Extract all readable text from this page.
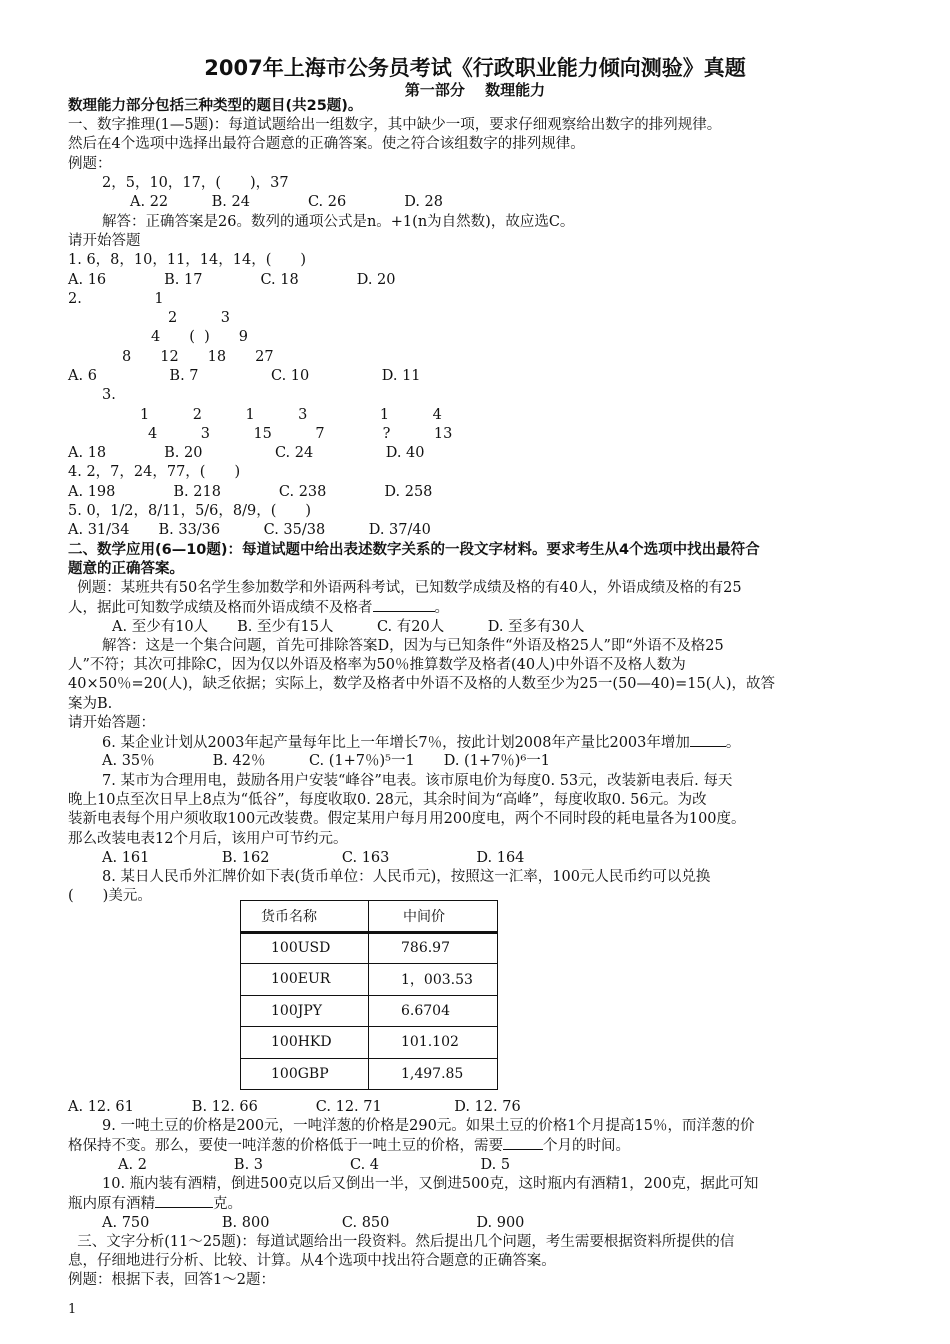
2007年上海市公务员考试《行政职业能力倾向测验》真题
第一部分　 数理能力
数理能力部分包括三种类型的题目(共25题)。
一、数字推理(1—5题)：每道试题给出一组数字，其中缺少一项，要求仔细观察给出数字的排列规律。
然后在4个选项中选择出最符合题意的正确答案。使之符合该组数字的排列规律。
例题：
2，5，10，17，(　　)，37
A. 22　　　B. 24　　　　C. 26　　　　D. 28
解答：正确答案是26。数列的通项公式是n。+1(n为自然数)，故应选C。
请开始答题
1. 6，8，10，11，14，14，(　　)
A. 16　　　　B. 17　　　　C. 18　　　　D. 20
2.　　　　　1
2　　　3
4　　(  )　　9
8　　12　　18　　27
A. 6　　　　　B. 7　　　　　C. 10　　　　　D. 11
3.
1　　　2　　　1　　　3　　　　　1　　　4
4　　　3　　　15　　　7　　　　?　　　13
A. 18　　　　B. 20　　　　　C. 24　　　　　D. 40
4. 2，7，24，77，(　　)
A. 198　　　　B. 218　　　　C. 238　　　　D. 258
5. 0，1/2，8/11，5/6，8/9，(　　)
A. 31/34　　B. 33/36　　　C. 35/38　　　D. 37/40
二、数学应用(6—10题)：每道试题中给出表述数字关系的一段文字材料。要求考生从4个选项中找出最符合
题意的正确答案。
例题：某班共有50名学生参加数学和外语两科考试，已知数学成绩及格的有40人，外语成绩及格的有25
人，据此可知数学成绩及格而外语成绩不及格者	。
A. 至少有10人　　B. 至少有15人　　　C. 有20人　　　D. 至多有30人
解答：这是一个集合问题，首先可排除答案D，因为与已知条件“外语及格25人”即“外语不及格25
人”不符；其次可排除C，因为仅以外语及格率为50％推算数学及格者(40人)中外语不及格人数为
40×50％=20(人)，缺乏依据；实际上，数学及格者中外语不及格的人数至少为25一(50—40)=15(人)，故答
案为B.
请开始答题：
6. 某企业计划从2003年起产量每年比上一年增长7％，按此计划2008年产量比2003年增加 。
A. 35％　　　　B. 42％　　　C. (1+7％)⁵一1　　D. (1+7％)⁶一1
7. 某市为合理用电，鼓励各用户安装“峰谷”电表。该市原电价为每度0. 53元，改装新电表后. 每天
晚上10点至次日早上8点为“低谷”，每度收取0. 28元，其余时间为“高峰”，每度收取0. 56元。为改
装新电表每个用户须收取100元改装费。假定某用户每月用200度电，两个不同时段的耗电量各为100度。
那么改装电表12个月后，该用户可节约元。
A. 161　　　　　B. 162　　　　　C. 163　　　　　　D. 164
8. 某日人民币外汇牌价如下表(货币单位：人民币元)，按照这一汇率，100元人民币约可以兑换
(　　)美元。
货币名称	中间价
100USD	786.97
100EUR	1，003.53
100JPY	6.6704
100HKD	101.102
100GBP	1,497.85
A. 12. 61　　　　B. 12. 66　　　　C. 12. 71　　　　　D. 12. 76
9. 一吨土豆的价格是200元，一吨洋葱的价格是290元。如果土豆的价格1个月提高15％，而洋葱的价
格保持不变。那么，要使一吨洋葱的价格低于一吨土豆的价格，需要	个月的时间。
A. 2　　　　　　B. 3　　　　　　C. 4　　　　　　　D. 5
10. 瓶内装有酒精，倒进500克以后又倒出一半，又倒进500克，这时瓶内有酒精1，200克，据此可知
瓶内原有酒精	克。
A. 750　　　　　B. 800　　　　　C. 850　　　　　　D. 900
三、文字分析(11～25题)：每道试题给出一段资料。然后提出几个问题，考生需要根据资料所提供的信
息，仔细地进行分析、比较、计算。从4个选项中找出符合题意的正确答案。
例题：根据下表，回答1～2题：
1
